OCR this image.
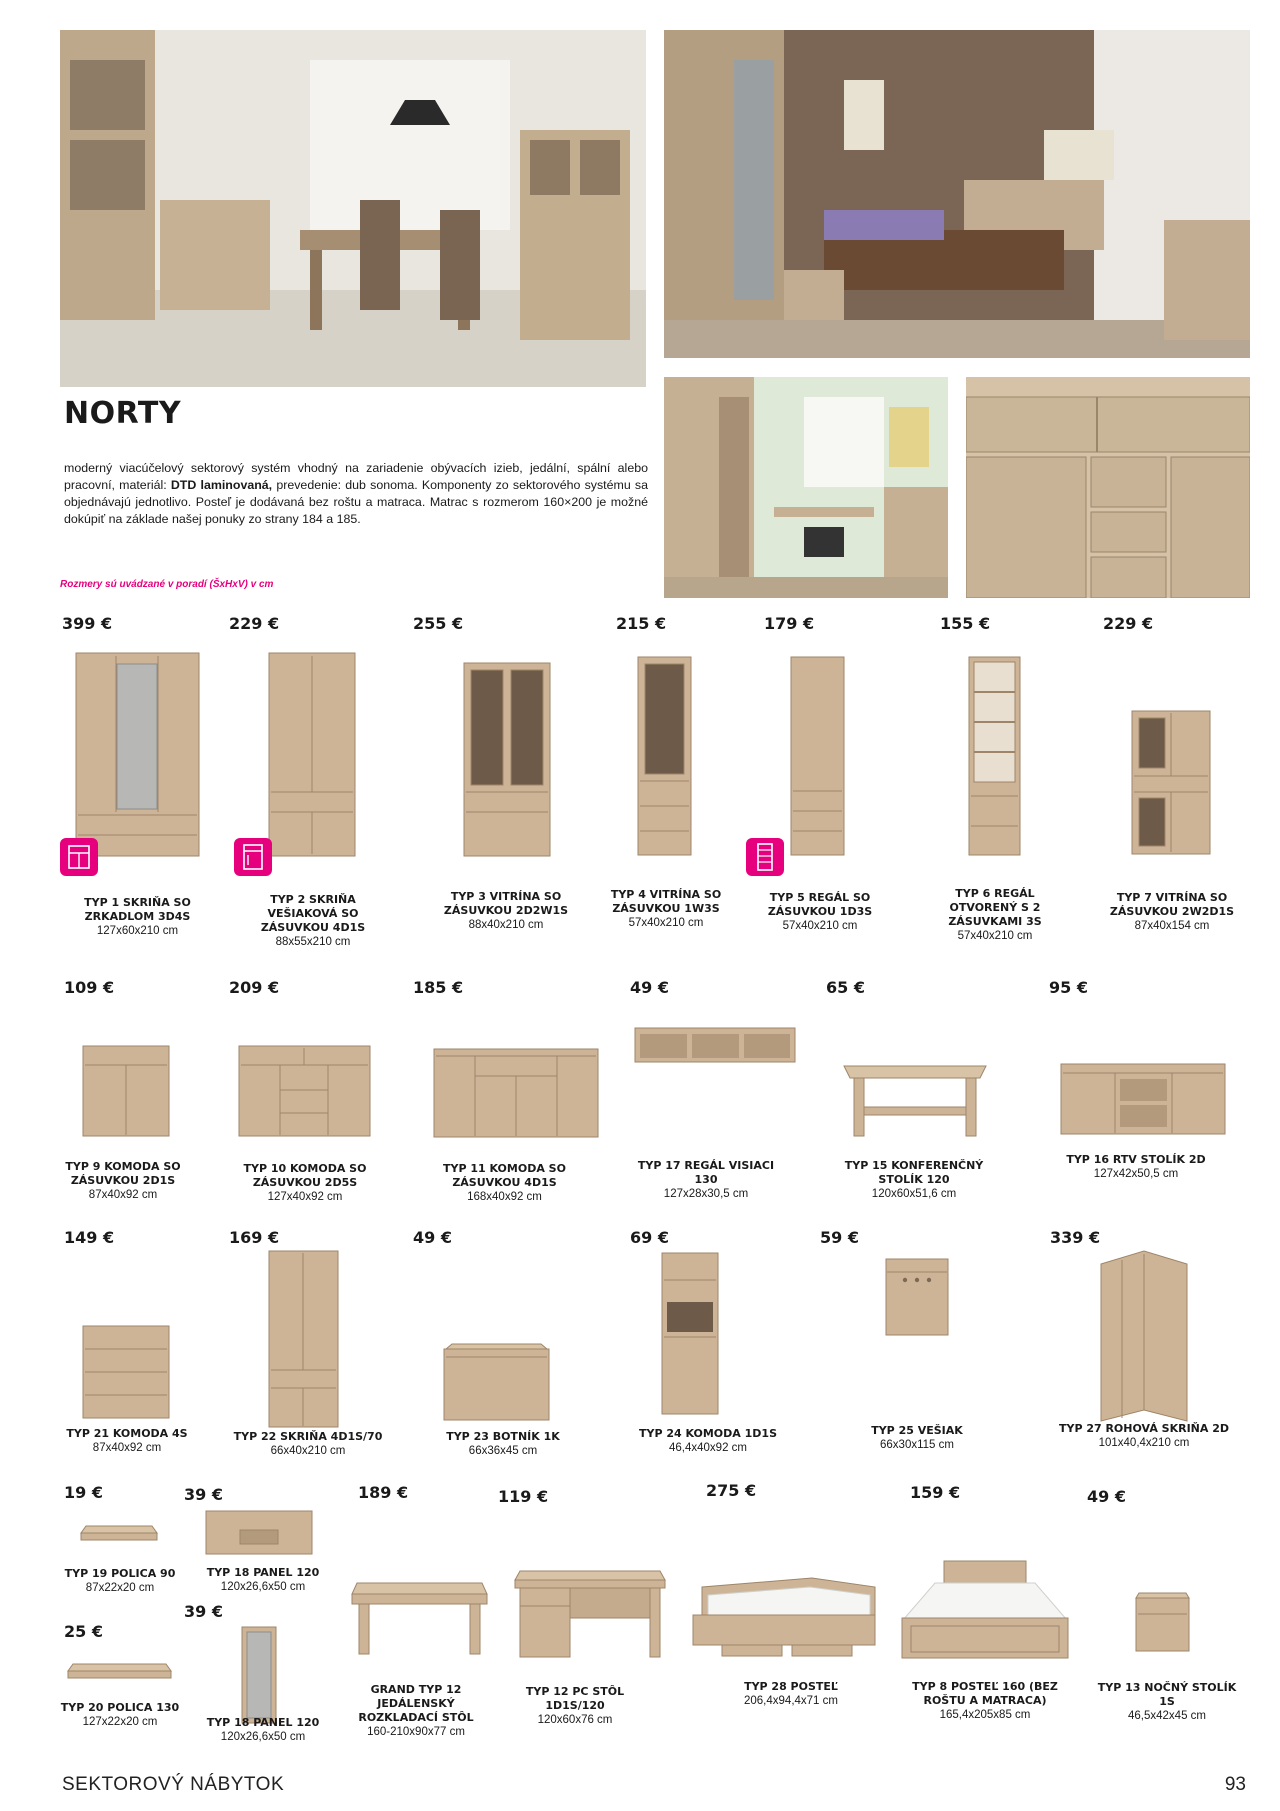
NORTY
moderný viacúčelový sektorový systém vhodný na zariadenie obývacích izieb, jedální, spální alebo pracovní, materiál: DTD laminovaná, prevedenie: dub sonoma. Komponenty zo sektorového systému sa objednávajú jednotlivo. Posteľ je dodávaná bez roštu a matraca. Matrac s rozmerom 160×200 je možné dokúpiť na základe našej ponuky zo strany 184 a 185.
Rozmery sú uvádzané v poradí (ŠxHxV) v cm
399 €
TYP 1 SKRIŇA SO ZRKADLOM 3D4S
127x60x210 cm
229 €
TYP 2 SKRIŇA VEŠIAKOVÁ SO ZÁSUVKOU 4D1S
88x55x210 cm
255 €
TYP 3 VITRÍNA SO ZÁSUVKOU 2D2W1S
88x40x210 cm
215 €
TYP 4 VITRÍNA SO ZÁSUVKOU 1W3S
57x40x210 cm
179 €
TYP 5 REGÁL SO ZÁSUVKOU 1D3S
57x40x210 cm
155 €
TYP 6 REGÁL OTVORENÝ S 2 ZÁSUVKAMI 3S
57x40x210 cm
229 €
TYP 7 VITRÍNA SO ZÁSUVKOU 2W2D1S
87x40x154 cm
109 €
TYP 9 KOMODA SO ZÁSUVKOU 2D1S
87x40x92 cm
209 €
TYP 10 KOMODA SO ZÁSUVKOU 2D5S
127x40x92 cm
185 €
TYP 11 KOMODA SO ZÁSUVKOU 4D1S
168x40x92 cm
49 €
TYP 17 REGÁL VISIACI 130
127x28x30,5 cm
65 €
TYP 15 KONFERENČNÝ STOLÍK 120
120x60x51,6 cm
95 €
TYP 16 RTV STOLÍK 2D
127x42x50,5 cm
149 €
TYP 21 KOMODA 4S
87x40x92 cm
169 €
TYP 22 SKRIŇA 4D1S/70
66x40x210 cm
49 €
TYP 23 BOTNÍK 1K
66x36x45 cm
69 €
TYP 24 KOMODA 1D1S
46,4x40x92 cm
59 €
TYP 25 VEŠIAK
66x30x115 cm
339 €
TYP 27 ROHOVÁ SKRIŇA 2D
101x40,4x210 cm
19 €
TYP 19 POLICA 90
87x22x20 cm
25 €
TYP 20 POLICA 130
127x22x20 cm
39 €
TYP 18 PANEL 120
120x26,6x50 cm
39 €
TYP 18 PANEL 120
120x26,6x50 cm
189 €
GRAND TYP 12 JEDÁLENSKÝ ROZKLADACÍ STÔL
160-210x90x77 cm
119 €
TYP 12 PC STÔL 1D1S/120
120x60x76 cm
275 €
TYP 28 POSTEĽ
206,4x94,4x71 cm
159 €
TYP 8 POSTEĽ 160 (BEZ ROŠTU A MATRACA)
165,4x205x85 cm
49 €
TYP 13 NOČNÝ STOLÍK 1S
46,5x42x45 cm
SEKTOROVÝ NÁBYTOK	93
